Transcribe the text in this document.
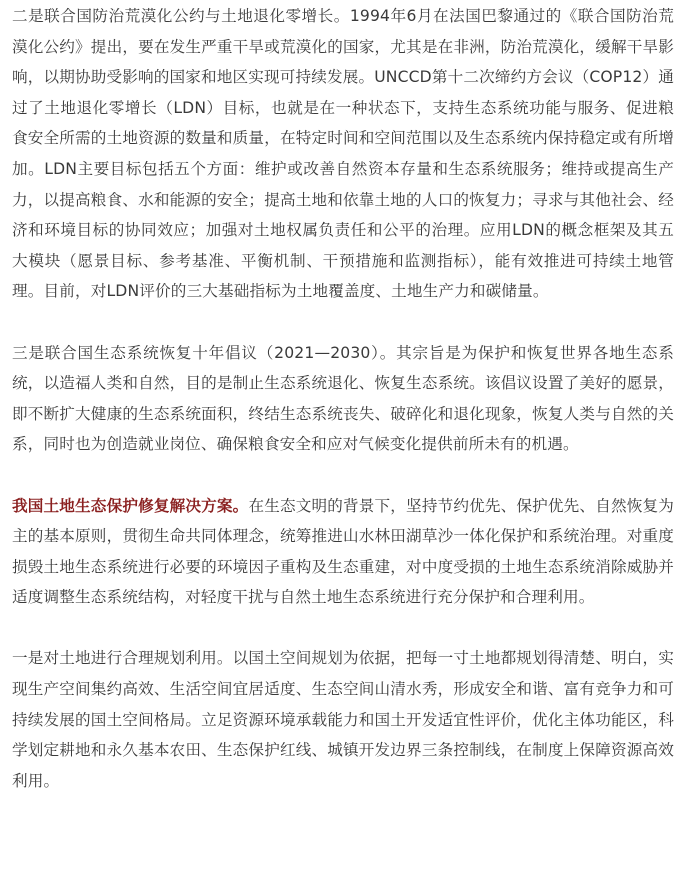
二是联合国防治荒漠化公约与土地退化零增长。1994年6月在法国巴黎通过的《联合国防治荒漠化公约》提出，要在发生严重干旱或荒漠化的国家，尤其是在非洲，防治荒漠化，缓解干旱影响，以期协助受影响的国家和地区实现可持续发展。UNCCD第十二次缔约方会议（COP12）通过了土地退化零增长（LDN）目标，也就是在一种状态下，支持生态系统功能与服务、促进粮食安全所需的土地资源的数量和质量，在特定时间和空间范围以及生态系统内保持稳定或有所增加。LDN主要目标包括五个方面：维护或改善自然资本存量和生态系统服务；维持或提高生产力，以提高粮食、水和能源的安全；提高土地和依靠土地的人口的恢复力；寻求与其他社会、经济和环境目标的协同效应；加强对土地权属负责任和公平的治理。应用LDN的概念框架及其五大模块（愿景目标、参考基准、平衡机制、干预措施和监测指标），能有效推进可持续土地管理。目前，对LDN评价的三大基础指标为土地覆盖度、土地生产力和碳储量。

三是联合国生态系统恢复十年倡议（2021—2030）。其宗旨是为保护和恢复世界各地生态系统，以造福人类和自然，目的是制止生态系统退化、恢复生态系统。该倡议设置了美好的愿景，即不断扩大健康的生态系统面积，终结生态系统丧失、破碎化和退化现象，恢复人类与自然的关系，同时也为创造就业岗位、确保粮食安全和应对气候变化提供前所未有的机遇。

我国土地生态保护修复解决方案。在生态文明的背景下，坚持节约优先、保护优先、自然恢复为主的基本原则，贯彻生命共同体理念，统筹推进山水林田湖草沙一体化保护和系统治理。对重度损毁土地生态系统进行必要的环境因子重构及生态重建，对中度受损的土地生态系统消除威胁并适度调整生态系统结构，对轻度干扰与自然土地生态系统进行充分保护和合理利用。

一是对土地进行合理规划利用。以国土空间规划为依据，把每一寸土地都规划得清楚、明白，实现生产空间集约高效、生活空间宜居适度、生态空间山清水秀，形成安全和谐、富有竞争力和可持续发展的国土空间格局。立足资源环境承载能力和国土开发适宜性评价，优化主体功能区，科学划定耕地和永久基本农田、生态保护红线、城镇开发边界三条控制线，在制度上保障资源高效利用。
